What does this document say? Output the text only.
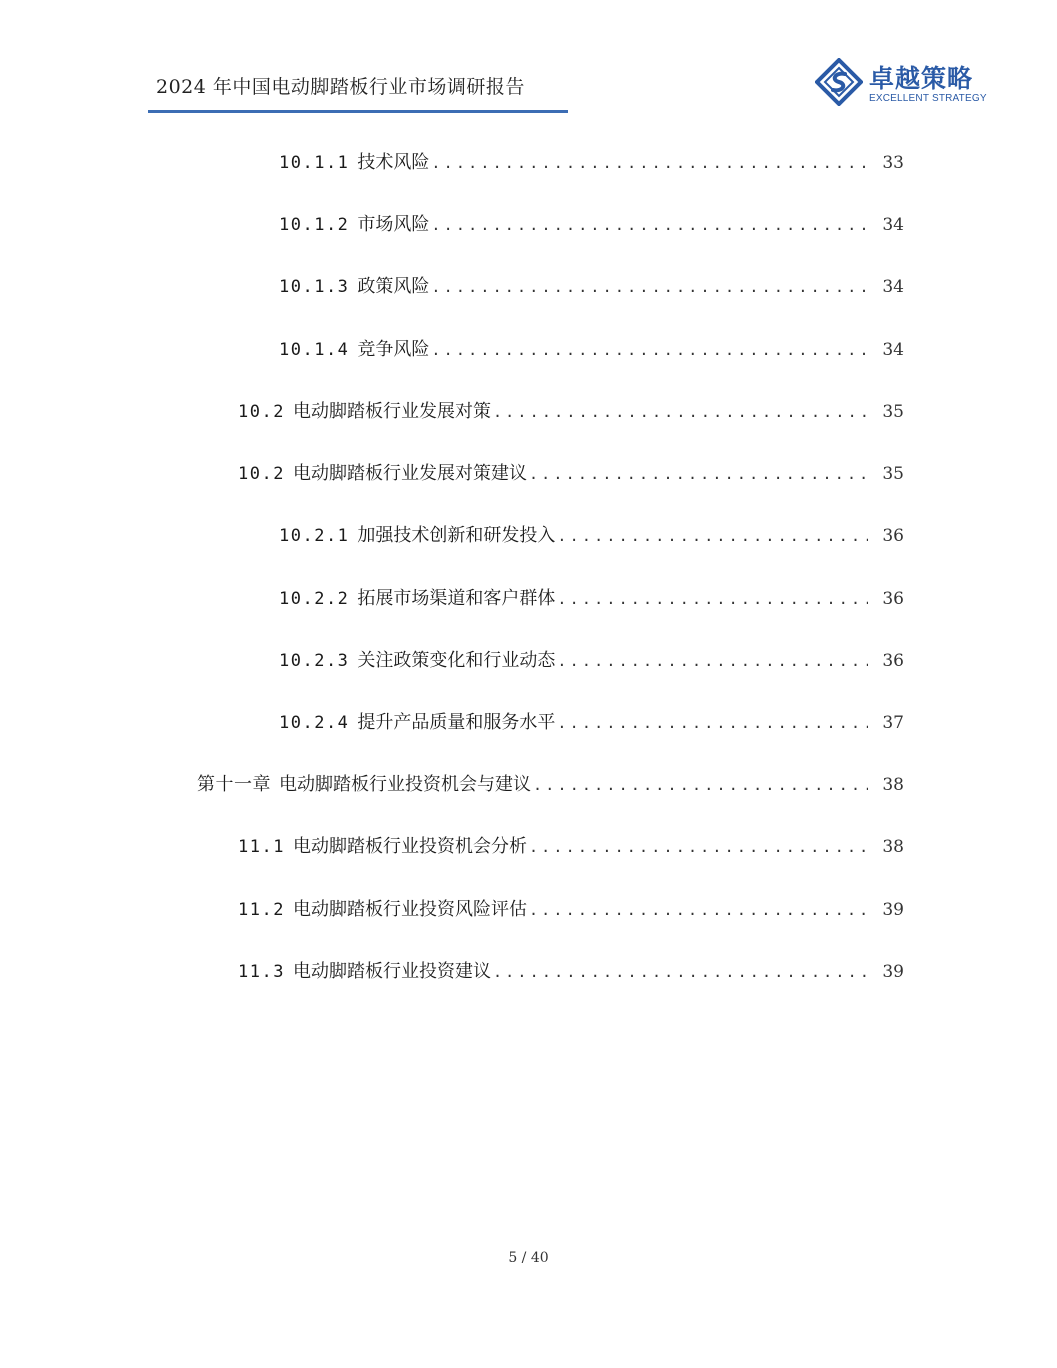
2024 年中国电动脚踏板行业市场调研报告	卓越策略
EXCELLENT STRATEGY
10.1.1 技术风险 .....	33
10.1.2 市场风险 .....	34
10.1.3 政策风险 .....	34
10.1.4 竞争风险 .....	34
10.2 电动脚踏板行业发展对策 .....	35
10.2 电动脚踏板行业发展对策建议 .....	35
10.2.1 加强技术创新和研发投入 .....	36
10.2.2 拓展市场渠道和客户群体 .....	36
10.2.3 关注政策变化和行业动态 .....	36
10.2.4 提升产品质量和服务水平 .....	37
第十一章 电动脚踏板行业投资机会与建议 .....	38
11.1 电动脚踏板行业投资机会分析 .....	38
11.2 电动脚踏板行业投资风险评估 .....	39
11.3 电动脚踏板行业投资建议 .....	39
5 / 40
